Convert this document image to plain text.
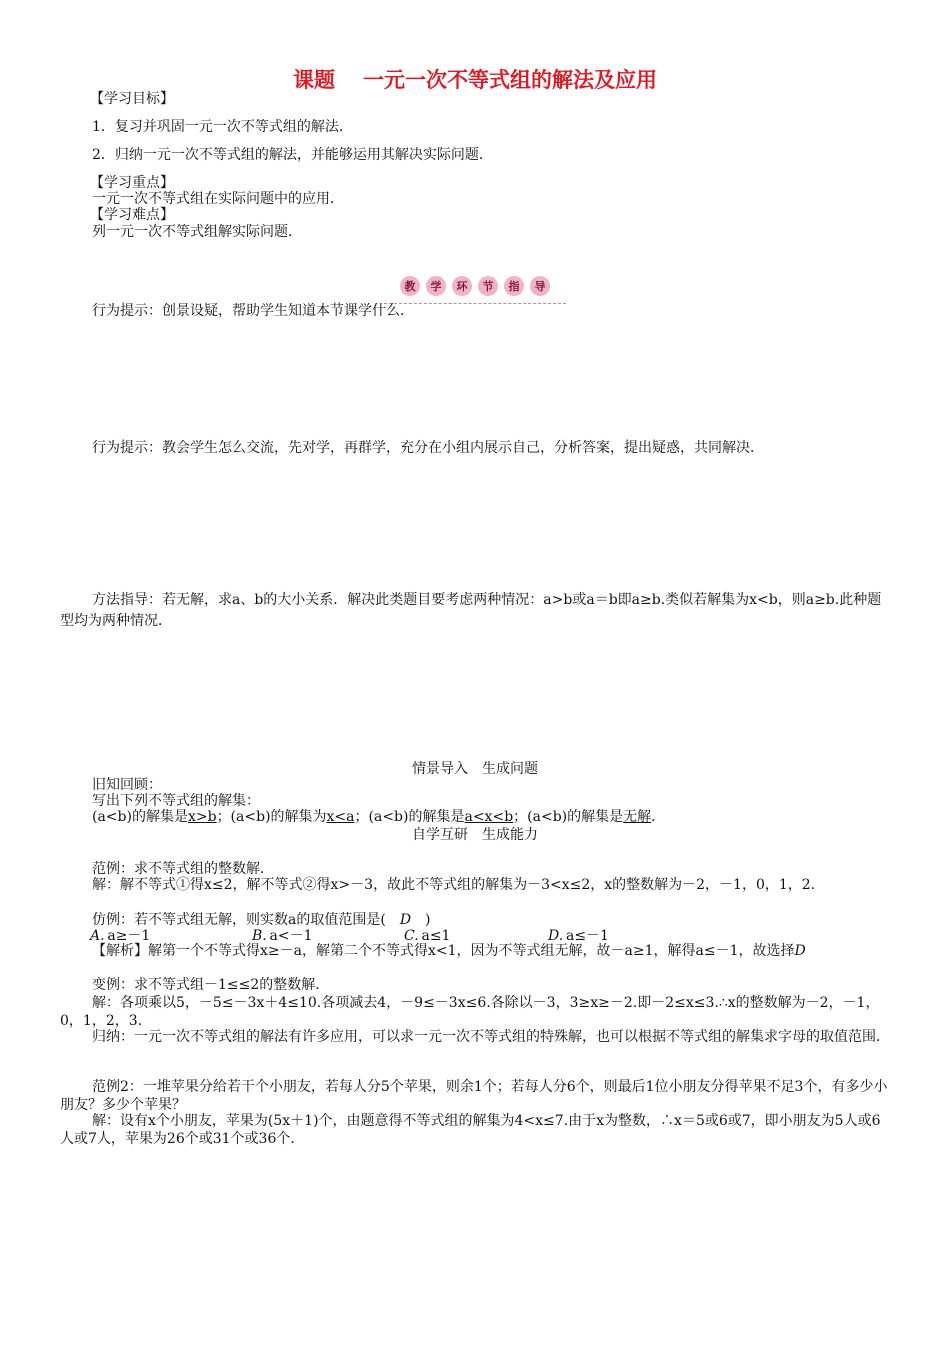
课题 一元一次不等式组的解法及应用
【学习目标】
1．复习并巩固一元一次不等式组的解法．
2．归纳一元一次不等式组的解法，并能够运用其解决实际问题．
【学习重点】
一元一次不等式组在实际问题中的应用．
【学习难点】
列一元一次不等式组解实际问题．
教	学	环	节	指	导
行为提示：创景设疑，帮助学生知道本节课学什么．
行为提示：教会学生怎么交流，先对学，再群学，充分在小组内展示自己，分析答案，提出疑惑，共同解决．
方法指导：若无解，求a、b的大小关系．解决此类题目要考虑两种情况：a>b或a＝b即a≥b.类似若解集为x<b，则a≥b.此种题型均为两种情况．
情景导入　生成问题
旧知回顾：
写出下列不等式组的解集：
(a<b)的解集是x>b；(a<b)的解集为x<a；(a<b)的解集是a<x<b；(a<b)的解集是无解．
自学互研　生成能力
范例：求不等式组的整数解．
解：解不等式①得x≤2，解不等式②得x>－3，故此不等式组的解集为－3<x≤2，x的整数解为－2，－1，0，1，2.
仿例：若不等式组无解，则实数a的取值范围是(　D　)
A.  a≥－1	B.  a<－1	C.  a≤1	D.  a≤－1
【解析】解第一个不等式得x≥－a，解第二个不等式得x<1，因为不等式组无解，故－a≥1，解得a≤－1，故选择D
变例：求不等式组－1≤≤2的整数解．
解：各项乘以5，－5≤－3x＋4≤10.各项减去4，－9≤－3x≤6.各除以－3，3≥x≥－2.即－2≤x≤3.∴x的整数解为－2，－1，0，1，2，3.
归纳：一元一次不等式组的解法有许多应用，可以求一元一次不等式组的特殊解，也可以根据不等式组的解集求字母的取值范围．
范例2：一堆苹果分给若干个小朋友，若每人分5个苹果，则余1个；若每人分6个，则最后1位小朋友分得苹果不足3个，有多少小朋友？多少个苹果？
解：设有x个小朋友，苹果为(5x＋1)个，由题意得不等式组的解集为4<x≤7.由于x为整数，∴x＝5或6或7，即小朋友为5人或6人或7人，苹果为26个或31个或36个．
